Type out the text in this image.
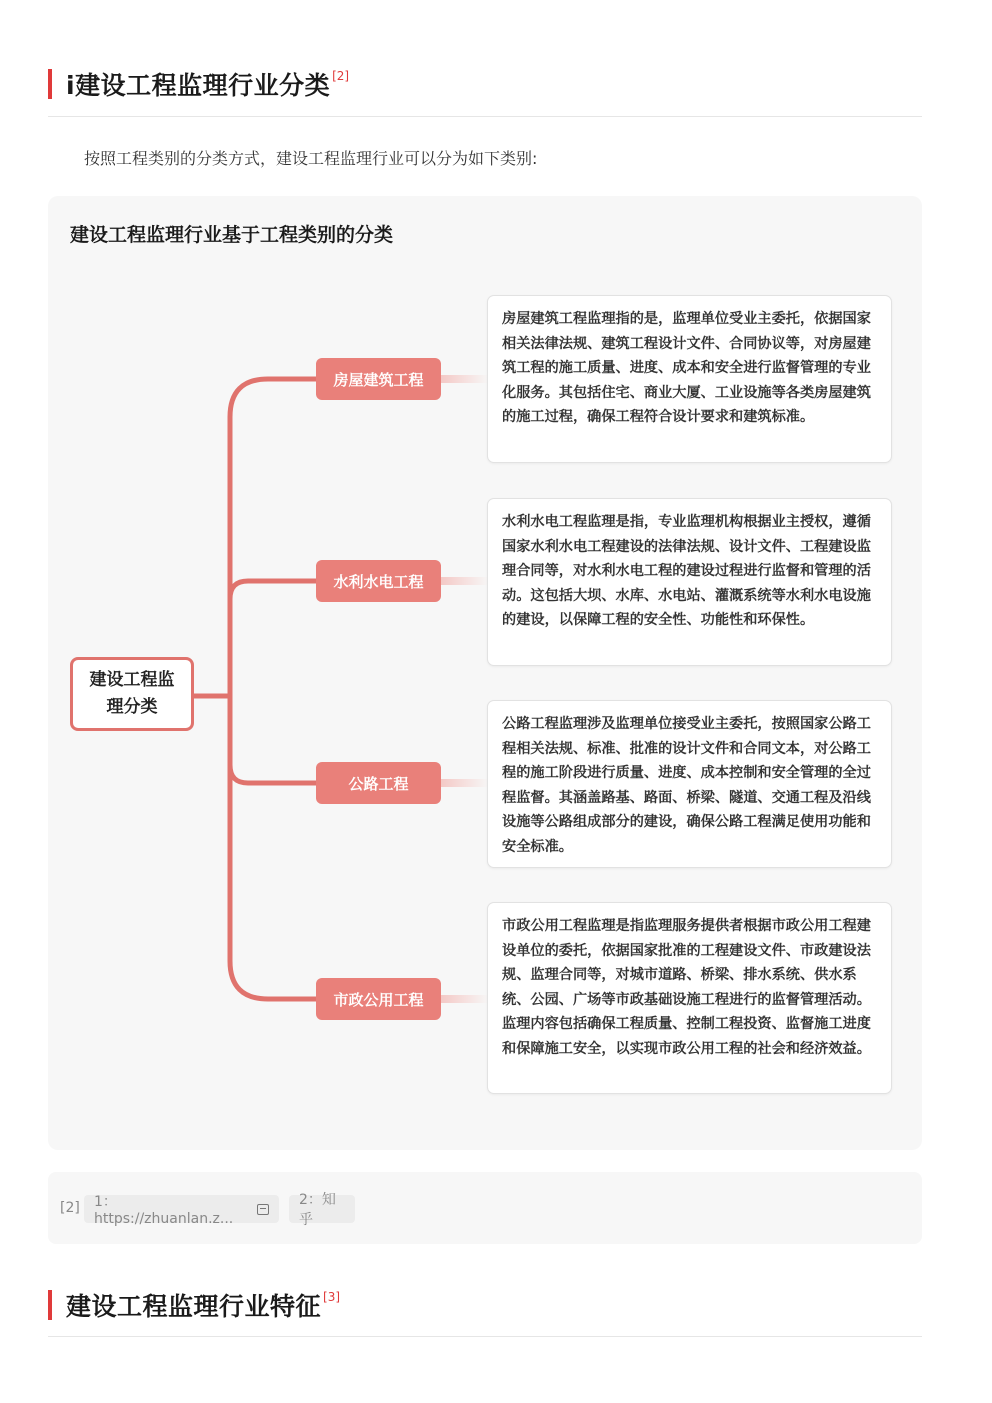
i建设工程监理行业分类[2]
按照工程类别的分类方式，建设工程监理行业可以分为如下类别:
建设工程监理行业基于工程类别的分类
建设工程监理分类
房屋建筑工程
房屋建筑工程监理指的是，监理单位受业主委托，依据国家相关法律法规、建筑工程设计文件、合同协议等，对房屋建筑工程的施工质量、进度、成本和安全进行监督管理的专业化服务。其包括住宅、商业大厦、工业设施等各类房屋建筑的施工过程，确保工程符合设计要求和建筑标准。
水利水电工程
水利水电工程监理是指，专业监理机构根据业主授权，遵循国家水利水电工程建设的法律法规、设计文件、工程建设监理合同等，对水利水电工程的建设过程进行监督和管理的活动。这包括大坝、水库、水电站、灌溉系统等水利水电设施的建设，以保障工程的安全性、功能性和环保性。
公路工程
公路工程监理涉及监理单位接受业主委托，按照国家公路工程相关法规、标准、批准的设计文件和合同文本，对公路工程的施工阶段进行质量、进度、成本控制和安全管理的全过程监督。其涵盖路基、路面、桥梁、隧道、交通工程及沿线设施等公路组成部分的建设，确保公路工程满足使用功能和安全标准。
市政公用工程
市政公用工程监理是指监理服务提供者根据市政公用工程建设单位的委托，依据国家批准的工程建设文件、市政建设法规、监理合同等，对城市道路、桥梁、排水系统、供水系统、公园、广场等市政基础设施工程进行的监督管理活动。监理内容包括确保工程质量、控制工程投资、监督施工进度和保障施工安全，以实现市政公用工程的社会和经济效益。
[2] 1：https://zhuanlan.z...
2：知乎
建设工程监理行业特征[3]
